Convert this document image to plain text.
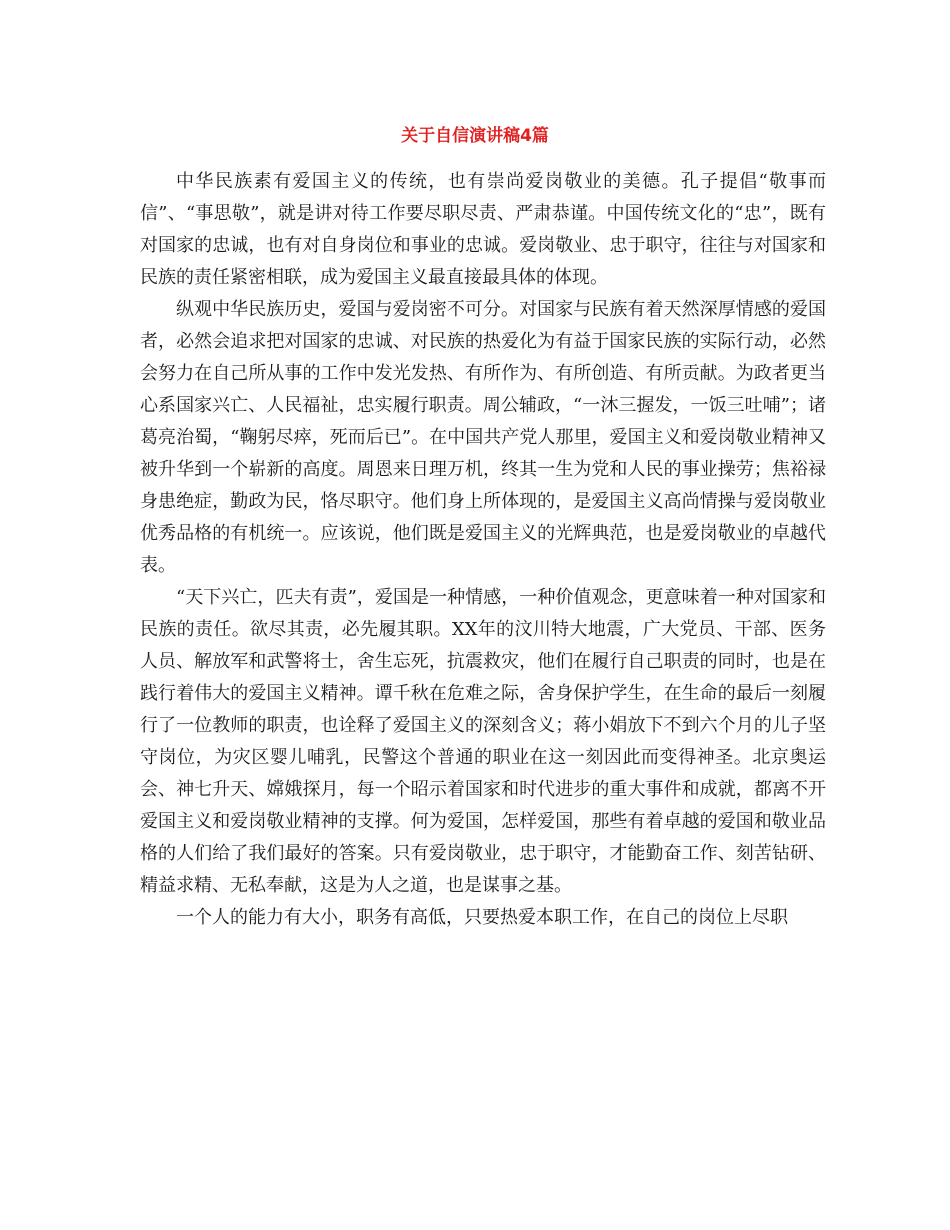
关于自信演讲稿4篇

中华民族素有爱国主义的传统，也有崇尚爱岗敬业的美德。孔子提倡“敬事而信”、“事思敬”，就是讲对待工作要尽职尽责、严肃恭谨。中国传统文化的“忠”，既有对国家的忠诚，也有对自身岗位和事业的忠诚。爱岗敬业、忠于职守，往往与对国家和民族的责任紧密相联，成为爱国主义最直接最具体的体现。

纵观中华民族历史，爱国与爱岗密不可分。对国家与民族有着天然深厚情感的爱国者，必然会追求把对国家的忠诚、对民族的热爱化为有益于国家民族的实际行动，必然会努力在自己所从事的工作中发光发热、有所作为、有所创造、有所贡献。为政者更当心系国家兴亡、人民福祉，忠实履行职责。周公辅政，“一沐三握发，一饭三吐哺”；诸葛亮治蜀，“鞠躬尽瘁，死而后已”。在中国共产党人那里，爱国主义和爱岗敬业精神又被升华到一个崭新的高度。周恩来日理万机，终其一生为党和人民的事业操劳；焦裕禄身患绝症，勤政为民，恪尽职守。他们身上所体现的，是爱国主义高尚情操与爱岗敬业优秀品格的有机统一。应该说，他们既是爱国主义的光辉典范，也是爱岗敬业的卓越代表。

“天下兴亡，匹夫有责”，爱国是一种情感，一种价值观念，更意味着一种对国家和民族的责任。欲尽其责，必先履其职。XX年的汶川特大地震，广大党员、干部、医务人员、解放军和武警将士，舍生忘死，抗震救灾，他们在履行自己职责的同时，也是在践行着伟大的爱国主义精神。谭千秋在危难之际，舍身保护学生，在生命的最后一刻履行了一位教师的职责，也诠释了爱国主义的深刻含义；蒋小娟放下不到六个月的儿子坚守岗位，为灾区婴儿哺乳，民警这个普通的职业在这一刻因此而变得神圣。北京奥运会、神七升天、嫦娥探月，每一个昭示着国家和时代进步的重大事件和成就，都离不开爱国主义和爱岗敬业精神的支撑。何为爱国，怎样爱国，那些有着卓越的爱国和敬业品格的人们给了我们最好的答案。只有爱岗敬业，忠于职守，才能勤奋工作、刻苦钻研、精益求精、无私奉献，这是为人之道，也是谋事之基。

一个人的能力有大小，职务有高低，只要热爱本职工作，在自己的岗位上尽职
